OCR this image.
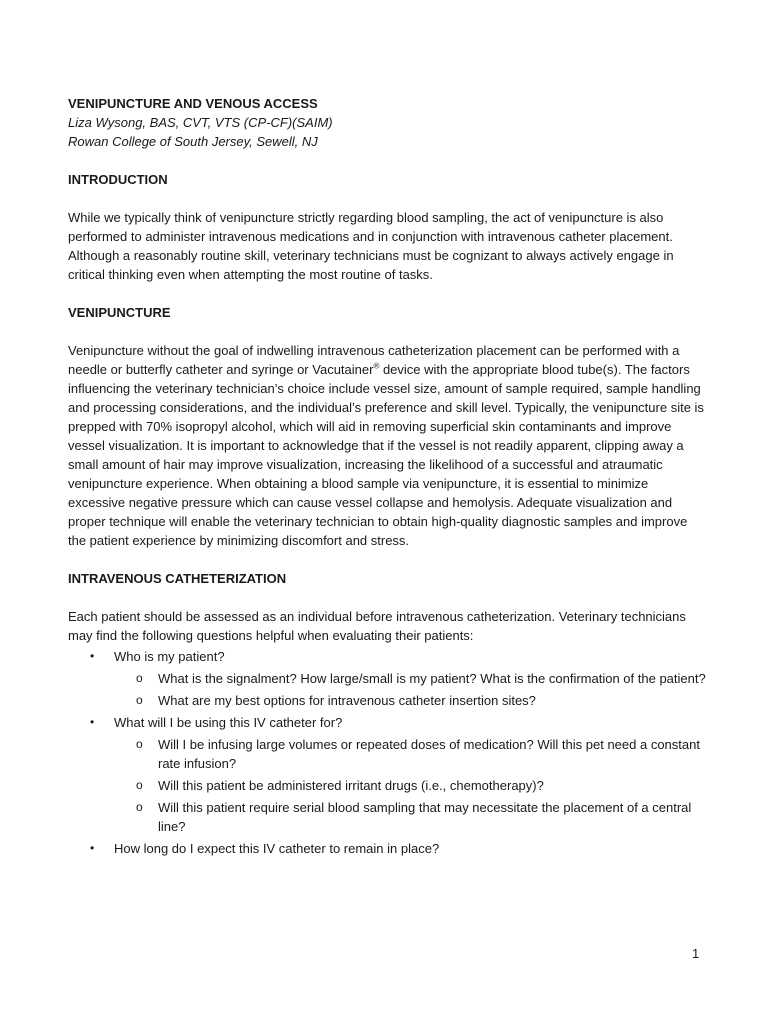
VENIPUNCTURE AND VENOUS ACCESS

Liza Wysong, BAS, CVT, VTS (CP-CF)(SAIM)

Rowan College of South Jersey, Sewell, NJ

INTRODUCTION

While we typically think of venipuncture strictly regarding blood sampling, the act of venipuncture is also performed to administer intravenous medications and in conjunction with intravenous catheter placement. Although a reasonably routine skill, veterinary technicians must be cognizant to always actively engage in critical thinking even when attempting the most routine of tasks.

VENIPUNCTURE

Venipuncture without the goal of indwelling intravenous catheterization placement can be performed with a needle or butterfly catheter and syringe or Vacutainer® device with the appropriate blood tube(s). The factors influencing the veterinary technician’s choice include vessel size, amount of sample required, sample handling and processing considerations, and the individual’s preference and skill level. Typically, the venipuncture site is prepped with 70% isopropyl alcohol, which will aid in removing superficial skin contaminants and improve vessel visualization. It is important to acknowledge that if the vessel is not readily apparent, clipping away a small amount of hair may improve visualization, increasing the likelihood of a successful and atraumatic venipuncture experience. When obtaining a blood sample via venipuncture, it is essential to minimize excessive negative pressure which can cause vessel collapse and hemolysis. Adequate visualization and proper technique will enable the veterinary technician to obtain high-quality diagnostic samples and improve the patient experience by minimizing discomfort and stress.

INTRAVENOUS CATHETERIZATION

Each patient should be assessed as an individual before intravenous catheterization. Veterinary technicians may find the following questions helpful when evaluating their patients:

• Who is my patient?
o What is the signalment? How large/small is my patient? What is the confirmation of the patient?
o What are my best options for intravenous catheter insertion sites?
• What will I be using this IV catheter for?
o Will I be infusing large volumes or repeated doses of medication? Will this pet need a constant rate infusion?
o Will this patient be administered irritant drugs (i.e., chemotherapy)?
o Will this patient require serial blood sampling that may necessitate the placement of a central line?
• How long do I expect this IV catheter to remain in place?
1
